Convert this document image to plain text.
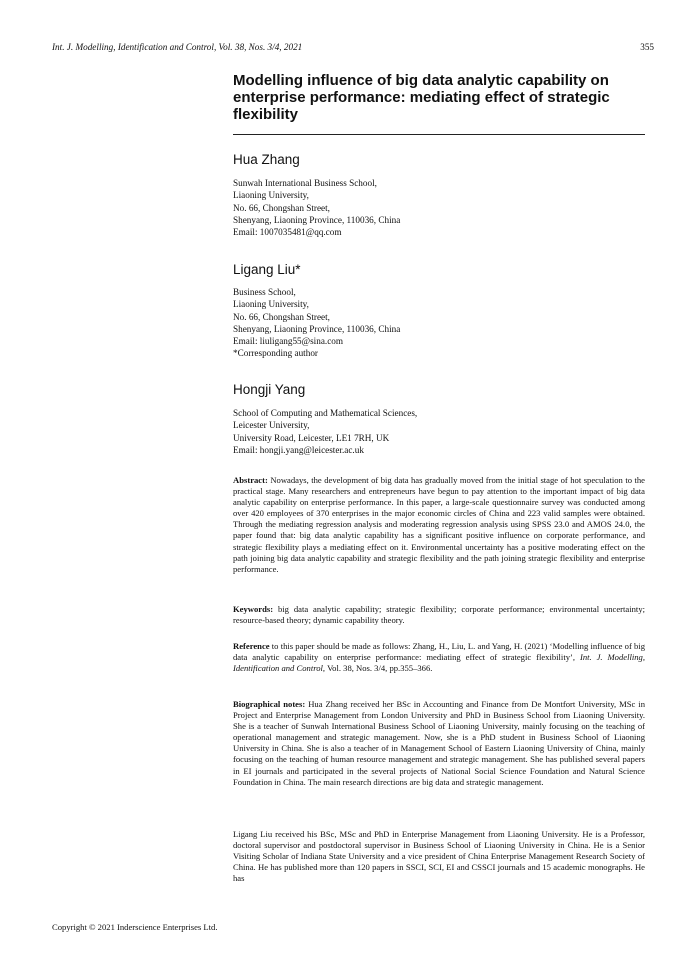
Int. J. Modelling, Identification and Control, Vol. 38, Nos. 3/4, 2021	355
Modelling influence of big data analytic capability on enterprise performance: mediating effect of strategic flexibility
Hua Zhang
Sunwah International Business School,
Liaoning University,
No. 66, Chongshan Street,
Shenyang, Liaoning Province, 110036, China
Email: 1007035481@qq.com
Ligang Liu*
Business School,
Liaoning University,
No. 66, Chongshan Street,
Shenyang, Liaoning Province, 110036, China
Email: liuligang55@sina.com
*Corresponding author
Hongji Yang
School of Computing and Mathematical Sciences,
Leicester University,
University Road, Leicester, LE1 7RH, UK
Email: hongji.yang@leicester.ac.uk
Abstract: Nowadays, the development of big data has gradually moved from the initial stage of hot speculation to the practical stage. Many researchers and entrepreneurs have begun to pay attention to the important impact of big data analytic capability on enterprise performance. In this paper, a large-scale questionnaire survey was conducted among over 420 employees of 370 enterprises in the major economic circles of China and 223 valid samples were obtained. Through the mediating regression analysis and moderating regression analysis using SPSS 23.0 and AMOS 24.0, the paper found that: big data analytic capability has a significant positive influence on corporate performance, and strategic flexibility plays a mediating effect on it. Environmental uncertainty has a positive moderating effect on the path joining big data analytic capability and strategic flexibility and the path joining strategic flexibility and enterprise performance.
Keywords: big data analytic capability; strategic flexibility; corporate performance; environmental uncertainty; resource-based theory; dynamic capability theory.
Reference to this paper should be made as follows: Zhang, H., Liu, L. and Yang, H. (2021) ‘Modelling influence of big data analytic capability on enterprise performance: mediating effect of strategic flexibility’, Int. J. Modelling, Identification and Control, Vol. 38, Nos. 3/4, pp.355–366.
Biographical notes: Hua Zhang received her BSc in Accounting and Finance from De Montfort University, MSc in Project and Enterprise Management from London University and PhD in Business School from Liaoning University. She is a teacher of Sunwah International Business School of Liaoning University, mainly focusing on the teaching of operational management and strategic management. Now, she is a PhD student in Business School of Liaoning University in China. She is also a teacher of in Management School of Eastern Liaoning University of China, mainly focusing on the teaching of human resource management and strategic management. She has published several papers in EI journals and participated in the several projects of National Social Science Foundation and Natural Science Foundation in China. The main research directions are big data and strategic management.
Ligang Liu received his BSc, MSc and PhD in Enterprise Management from Liaoning University. He is a Professor, doctoral supervisor and postdoctoral supervisor in Business School of Liaoning University in China. He is a Senior Visiting Scholar of Indiana State University and a vice president of China Enterprise Management Research Society of China. He has published more than 120 papers in SSCI, SCI, EI and CSSCI journals and 15 academic monographs. He has
Copyright © 2021 Inderscience Enterprises Ltd.
